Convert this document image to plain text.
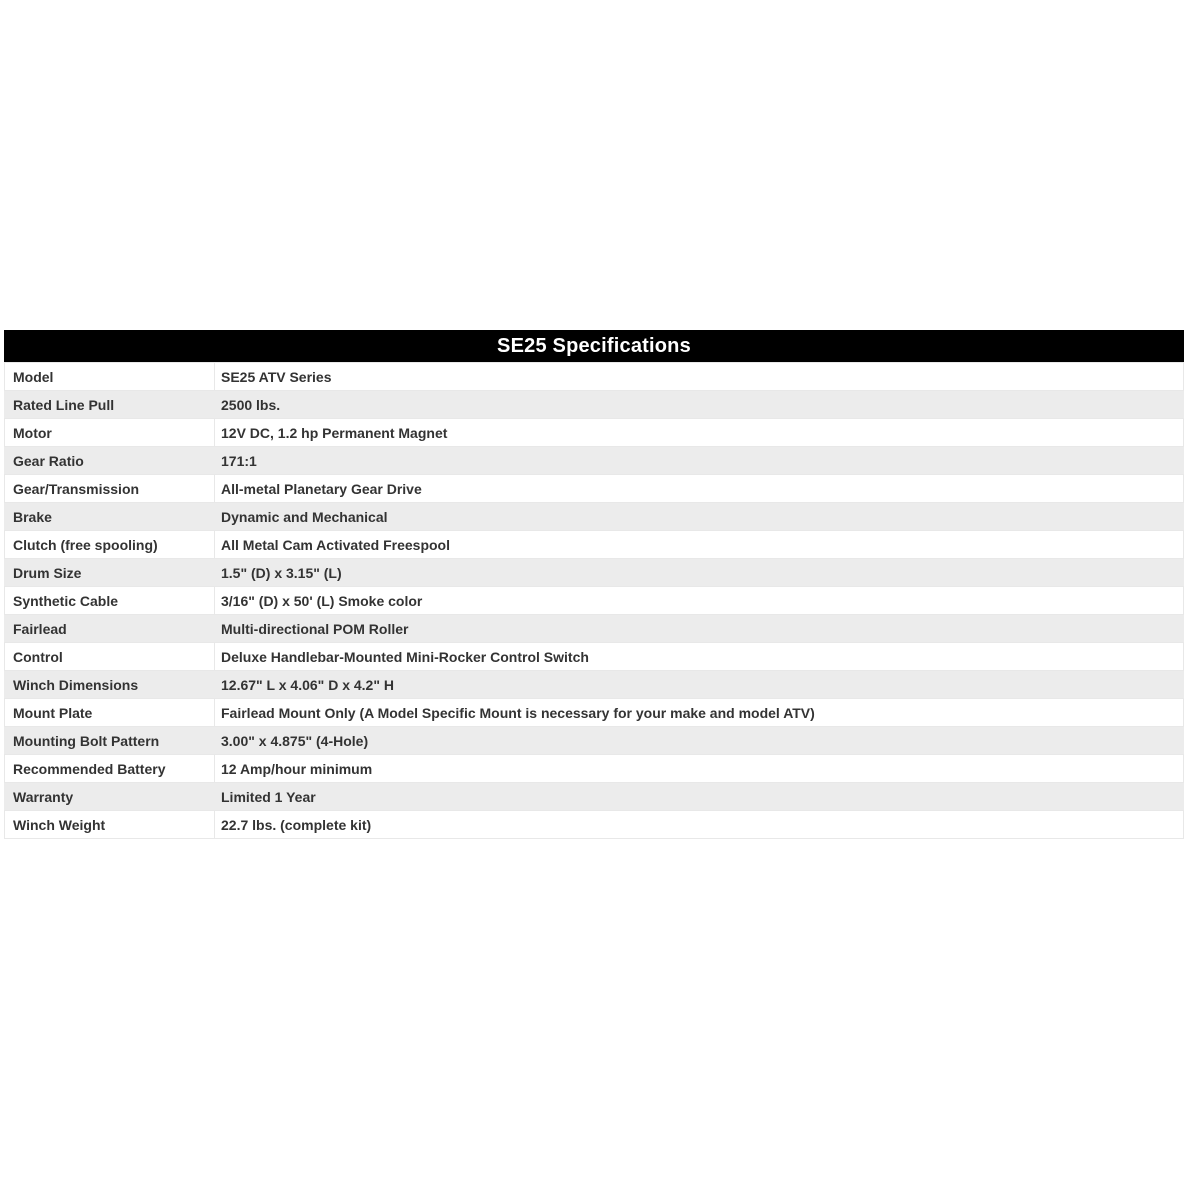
SE25 Specifications
Model	SE25 ATV Series
Rated Line Pull	2500 lbs.
Motor	12V DC, 1.2 hp Permanent Magnet
Gear Ratio	171:1
Gear/Transmission	All-metal Planetary Gear Drive
Brake	Dynamic and Mechanical
Clutch (free spooling)	All Metal Cam Activated Freespool
Drum Size	1.5" (D) x 3.15" (L)
Synthetic Cable	3/16" (D) x 50' (L) Smoke color
Fairlead	Multi-directional POM Roller
Control	Deluxe Handlebar-Mounted Mini-Rocker Control Switch
Winch Dimensions	12.67" L x 4.06" D x 4.2" H
Mount Plate	Fairlead Mount Only (A Model Specific Mount is necessary for your make and model ATV)
Mounting Bolt Pattern	3.00" x 4.875" (4-Hole)
Recommended Battery	12 Amp/hour minimum
Warranty	Limited 1 Year
Winch Weight	22.7 lbs. (complete kit)
